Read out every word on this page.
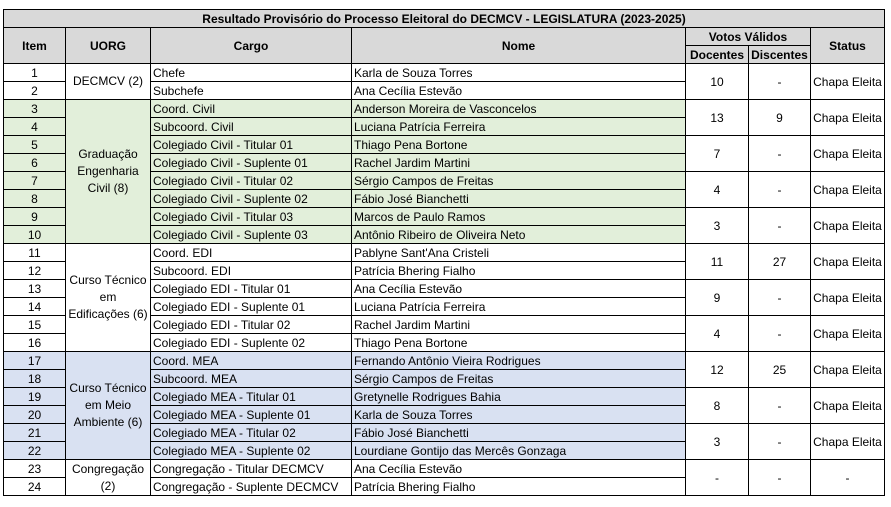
Resultado Provisório do Processo Eleitoral do DECMCV - LEGISLATURA (2023-2025)						
Item	UORG	Cargo	Nome	Votos Válidos		Status
				Docentes	Discentes	
1	DECMCV (2)	Chefe	Karla de Souza Torres	10	-	Chapa Eleita
2		Subchefe	Ana Cecília Estevão			
3	Graduação Engenharia Civil (8)	Coord. Civil	Anderson Moreira de Vasconcelos	13	9	Chapa Eleita
4		Subcoord. Civil	Luciana Patrícia Ferreira			
5		Colegiado Civil - Titular 01	Thiago Pena Bortone	7	-	Chapa Eleita
6		Colegiado Civil - Suplente 01	Rachel Jardim Martini			
7		Colegiado Civil - Titular 02	Sérgio Campos de Freitas	4	-	Chapa Eleita
8		Colegiado Civil - Suplente 02	Fábio José Bianchetti			
9		Colegiado Civil - Titular 03	Marcos de Paulo Ramos	3	-	Chapa Eleita
10		Colegiado Civil - Suplente 03	Antônio Ribeiro de Oliveira Neto			
11	Curso Técnico em Edificações (6)	Coord. EDI	Pablyne Sant'Ana Cristeli	11	27	Chapa Eleita
12		Subcoord. EDI	Patrícia Bhering Fialho			
13		Colegiado EDI - Titular 01	Ana Cecília Estevão	9	-	Chapa Eleita
14		Colegiado EDI - Suplente 01	Luciana Patrícia Ferreira			
15		Colegiado EDI - Titular 02	Rachel Jardim Martini	4	-	Chapa Eleita
16		Colegiado EDI - Suplente 02	Thiago Pena Bortone			
17	Curso Técnico em Meio Ambiente (6)	Coord. MEA	Fernando Antônio Vieira Rodrigues	12	25	Chapa Eleita
18		Subcoord. MEA	Sérgio Campos de Freitas			
19		Colegiado MEA - Titular 01	Gretynelle Rodrigues Bahia	8	-	Chapa Eleita
20		Colegiado MEA - Suplente 01	Karla de Souza Torres			
21		Colegiado MEA - Titular 02	Fábio José Bianchetti	3	-	Chapa Eleita
22		Colegiado MEA - Suplente 02	Lourdiane Gontijo das Mercês Gonzaga			
23	Congregação (2)	Congregação - Titular DECMCV	Ana Cecília Estevão	-	-	-
24		Congregação - Suplente DECMCV	Patrícia Bhering Fialho			
